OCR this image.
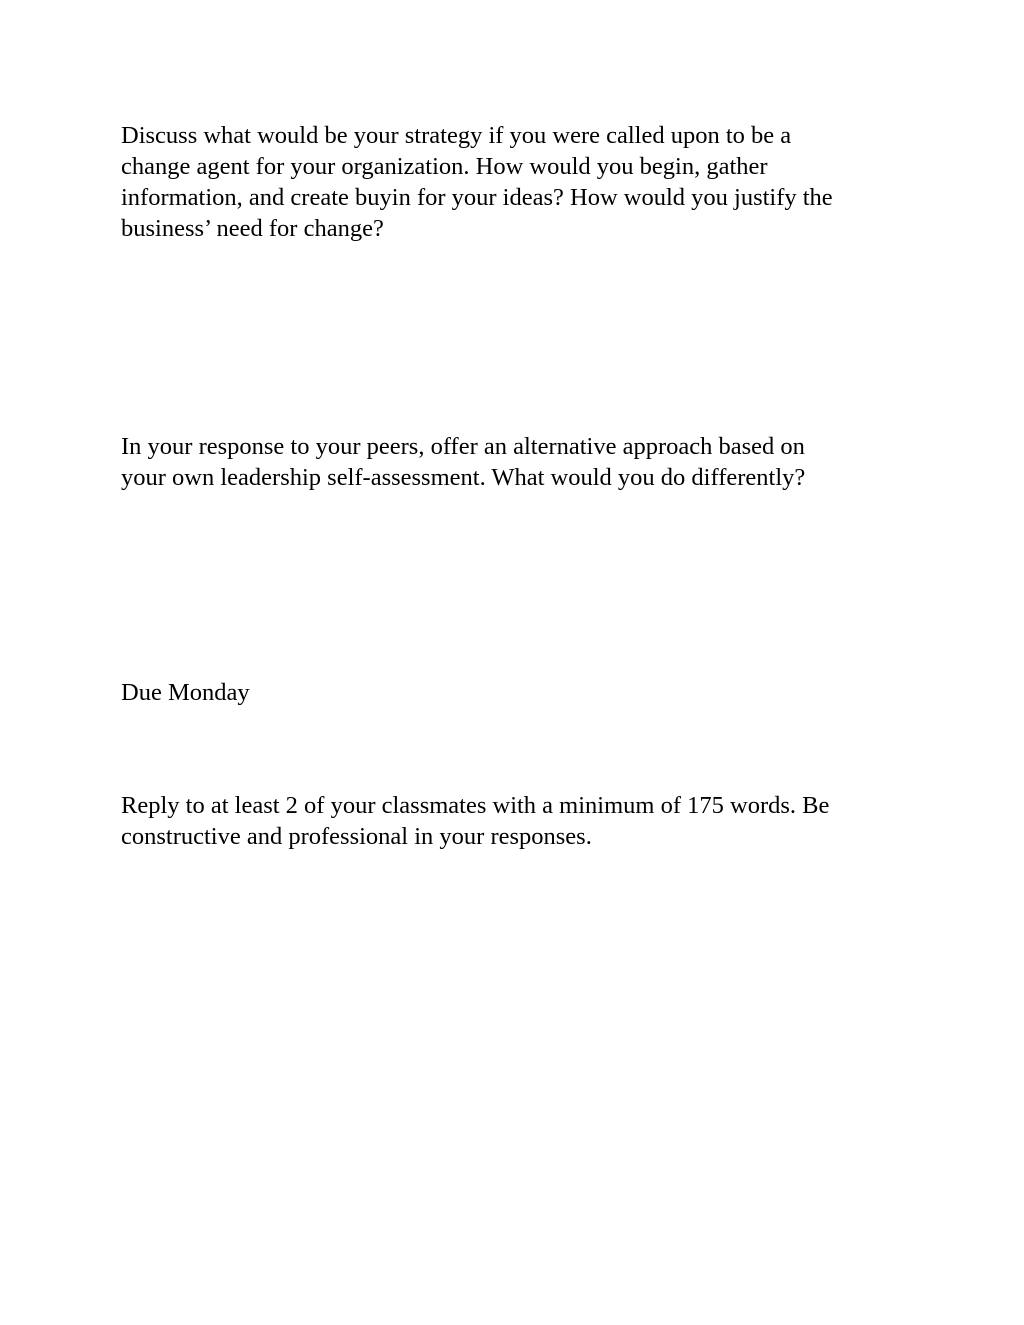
Discuss what would be your strategy if you were called upon to be a
change agent for your organization. How would you begin, gather
information, and create buyin for your ideas? How would you justify the
business’ need for change?

In your response to your peers, offer an alternative approach based on
your own leadership self-assessment. What would you do differently?

Due Monday

Reply to at least 2 of your classmates with a minimum of 175 words. Be
constructive and professional in your responses.
